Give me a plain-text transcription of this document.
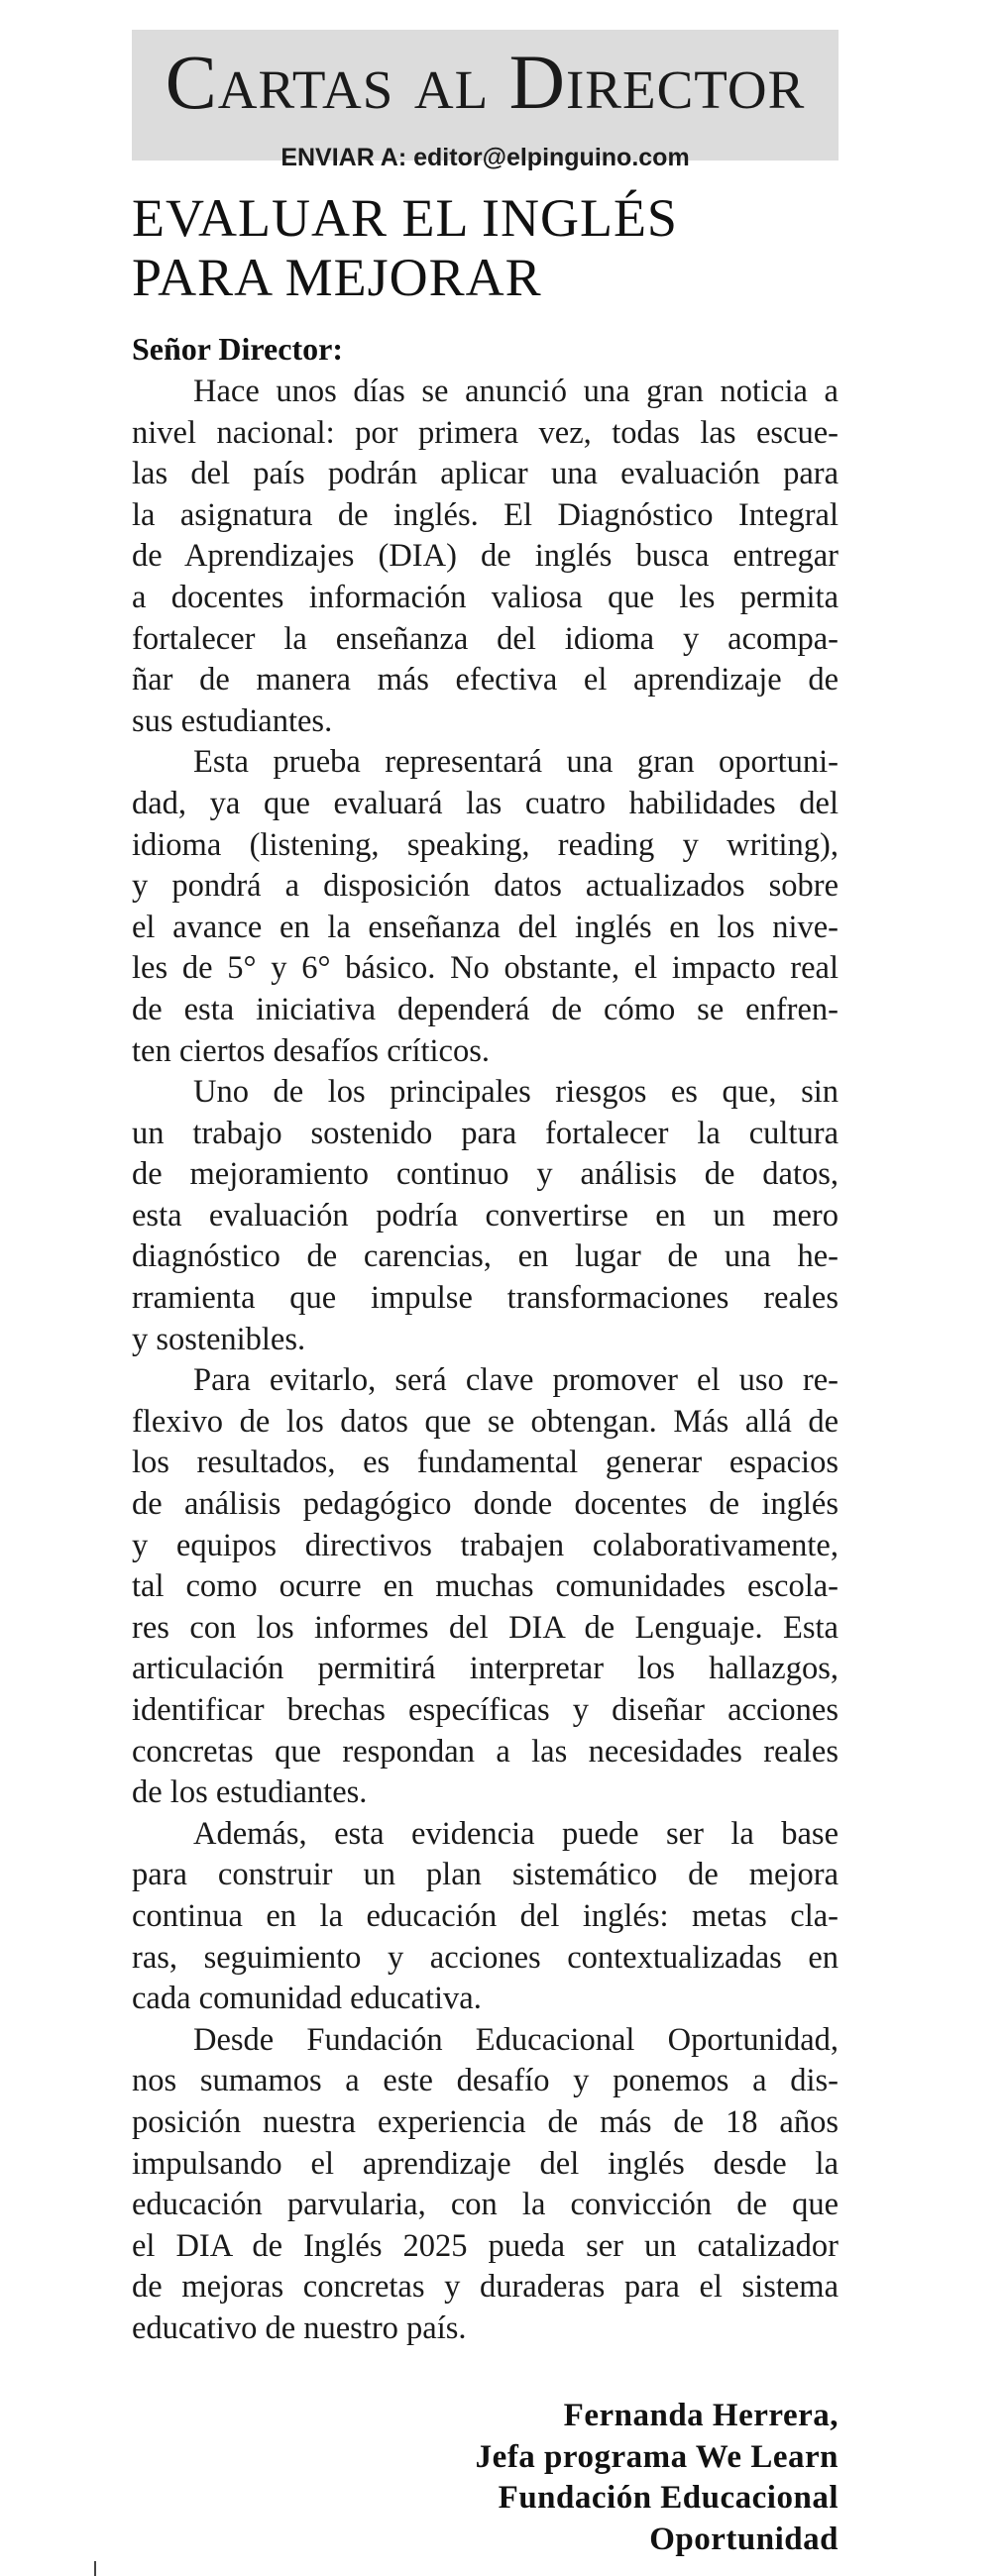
Cartas al Director
ENVIAR A: editor@elpinguino.com
EVALUAR EL INGLÉS
PARA MEJORAR
Señor Director:
Hace unos días se anunció una gran noticia a
nivel nacional: por primera vez, todas las escue-
las del país podrán aplicar una evaluación para
la asignatura de inglés. El Diagnóstico Integral
de Aprendizajes (DIA) de inglés busca entregar
a docentes información valiosa que les permita
fortalecer la enseñanza del idioma y acompa-
ñar de manera más efectiva el aprendizaje de
sus estudiantes.
Esta prueba representará una gran oportuni-
dad, ya que evaluará las cuatro habilidades del
idioma (listening, speaking, reading y writing),
y pondrá a disposición datos actualizados sobre
el avance en la enseñanza del inglés en los nive-
les de 5° y 6° básico. No obstante, el impacto real
de esta iniciativa dependerá de cómo se enfren-
ten ciertos desafíos críticos.
Uno de los principales riesgos es que, sin
un trabajo sostenido para fortalecer la cultura
de mejoramiento continuo y análisis de datos,
esta evaluación podría convertirse en un mero
diagnóstico de carencias, en lugar de una he-
rramienta que impulse transformaciones reales
y sostenibles.
Para evitarlo, será clave promover el uso re-
flexivo de los datos que se obtengan. Más allá de
los resultados, es fundamental generar espacios
de análisis pedagógico donde docentes de inglés
y equipos directivos trabajen colaborativamente,
tal como ocurre en muchas comunidades escola-
res con los informes del DIA de Lenguaje. Esta
articulación permitirá interpretar los hallazgos,
identificar brechas específicas y diseñar acciones
concretas que respondan a las necesidades reales
de los estudiantes.
Además, esta evidencia puede ser la base
para construir un plan sistemático de mejora
continua en la educación del inglés: metas cla-
ras, seguimiento y acciones contextualizadas en
cada comunidad educativa.
Desde Fundación Educacional Oportunidad,
nos sumamos a este desafío y ponemos a dis-
posición nuestra experiencia de más de 18 años
impulsando el aprendizaje del inglés desde la
educación parvularia, con la convicción de que
el DIA de Inglés 2025 pueda ser un catalizador
de mejoras concretas y duraderas para el sistema
educativo de nuestro país.
Fernanda Herrera,
Jefa programa We Learn
Fundación Educacional
Oportunidad
